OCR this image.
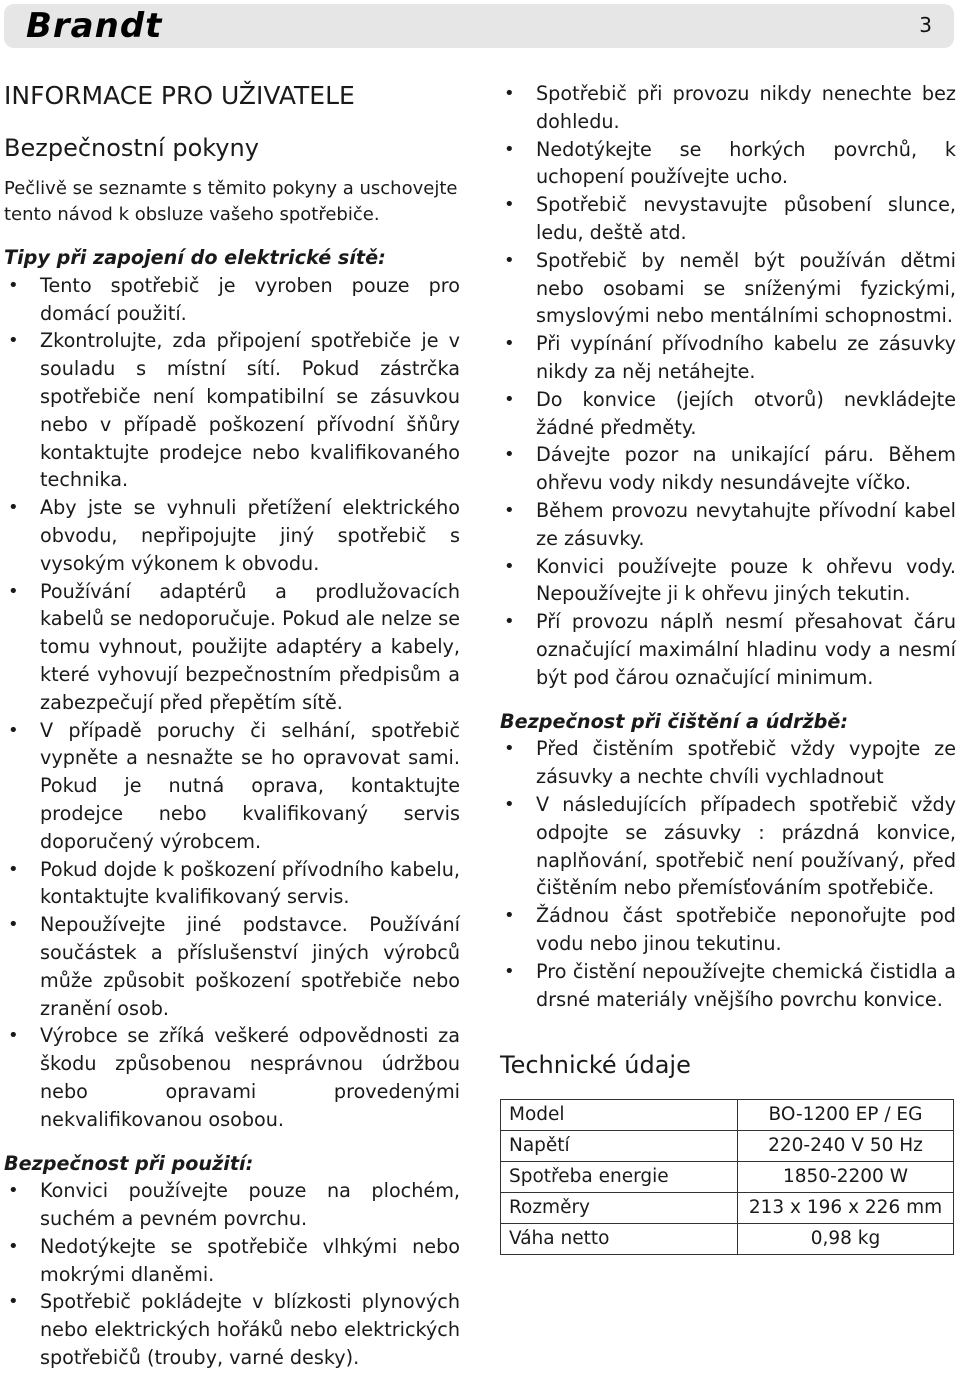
Brandt	3
INFORMACE PRO UŽIVATELE
Bezpečnostní pokyny

Pečlivě se seznamte s těmito pokyny a uschovejte tento návod k obsluze vašeho spotřebiče.

Tipy při zapojení do elektrické sítě:

• Tento spotřebič je vyroben pouze pro domácí použití.
• Zkontrolujte, zda připojení spotřebiče je v souladu s místní sítí. Pokud zástrčka spotřebiče není kompatibilní se zásuvkou nebo v případě poškození přívodní šňůry kontaktujte prodejce nebo kvalifikovaného technika.
• Aby jste se vyhnuli přetížení elektrického obvodu, nepřipojujte jiný spotřebič s vysokým výkonem k obvodu.
• Používání adaptérů a prodlužovacích kabelů se nedoporučuje. Pokud ale nelze se tomu vyhnout, použijte adaptéry a kabely, které vyhovují bezpečnostním předpisům a zabezpečují před přepětím sítě.
• V případě poruchy či selhání, spotřebič vypněte a nesnažte se ho opravovat sami. Pokud je nutná oprava, kontaktujte prodejce nebo kvalifikovaný servis doporučený výrobcem.
• Pokud dojde k poškození přívodního kabelu, kontaktujte kvalifikovaný servis.
• Nepoužívejte jiné podstavce. Používání součástek a příslušenství jiných výrobců může způsobit poškození spotřebiče nebo zranění osob.
• Výrobce se zříká veškeré odpovědnosti za škodu způsobenou nesprávnou údržbou nebo opravami provedenými nekvalifikovanou osobou.

Bezpečnost při použití:

• Konvici používejte pouze na plochém, suchém a pevném povrchu.
• Nedotýkejte se spotřebiče vlhkými nebo mokrými dlaněmi.
• Spotřebič pokládejte v blízkosti plynových nebo elektrických hořáků nebo elektrických spotřebičů (trouby, varné desky).
• Spotřebič při provozu nikdy nenechte bez dohledu.
• Nedotýkejte se horkých povrchů, k uchopení používejte ucho.
• Spotřebič nevystavujte působení slunce, ledu, deště atd.
• Spotřebič by neměl být používán dětmi nebo osobami se sníženými fyzickými, smyslovými nebo mentálními schopnostmi.
• Při vypínání přívodního kabelu ze zásuvky nikdy za něj netáhejte.
• Do konvice (jejích otvorů) nevkládejte žádné předměty.
• Dávejte pozor na unikající páru. Během ohřevu vody nikdy nesundávejte víčko.
• Během provozu nevytahujte přívodní kabel ze zásuvky.
• Konvici používejte pouze k ohřevu vody. Nepoužívejte ji k ohřevu jiných tekutin.
• Pří provozu náplň nesmí přesahovat čáru označující maximální hladinu vody a nesmí být pod čárou označující minimum.

Bezpečnost při čištění a údržbě:

• Před čistěním spotřebič vždy vypojte ze zásuvky a nechte chvíli vychladnout
• V následujících případech spotřebič vždy odpojte se zásuvky : prázdná konvice, naplňování, spotřebič není používaný, před čištěním nebo přemísťováním spotřebiče.
• Žádnou část spotřebiče neponořujte pod vodu nebo jinou tekutinu.
• Pro čistění nepoužívejte chemická čistidla a drsné materiály vnějšího povrchu konvice.
Technické údaje
Model	BO-1200 EP / EG
Napětí	220-240 V 50 Hz
Spotřeba energie	1850-2200 W
Rozměry	213 x 196 x 226 mm
Váha netto	0,98 kg
